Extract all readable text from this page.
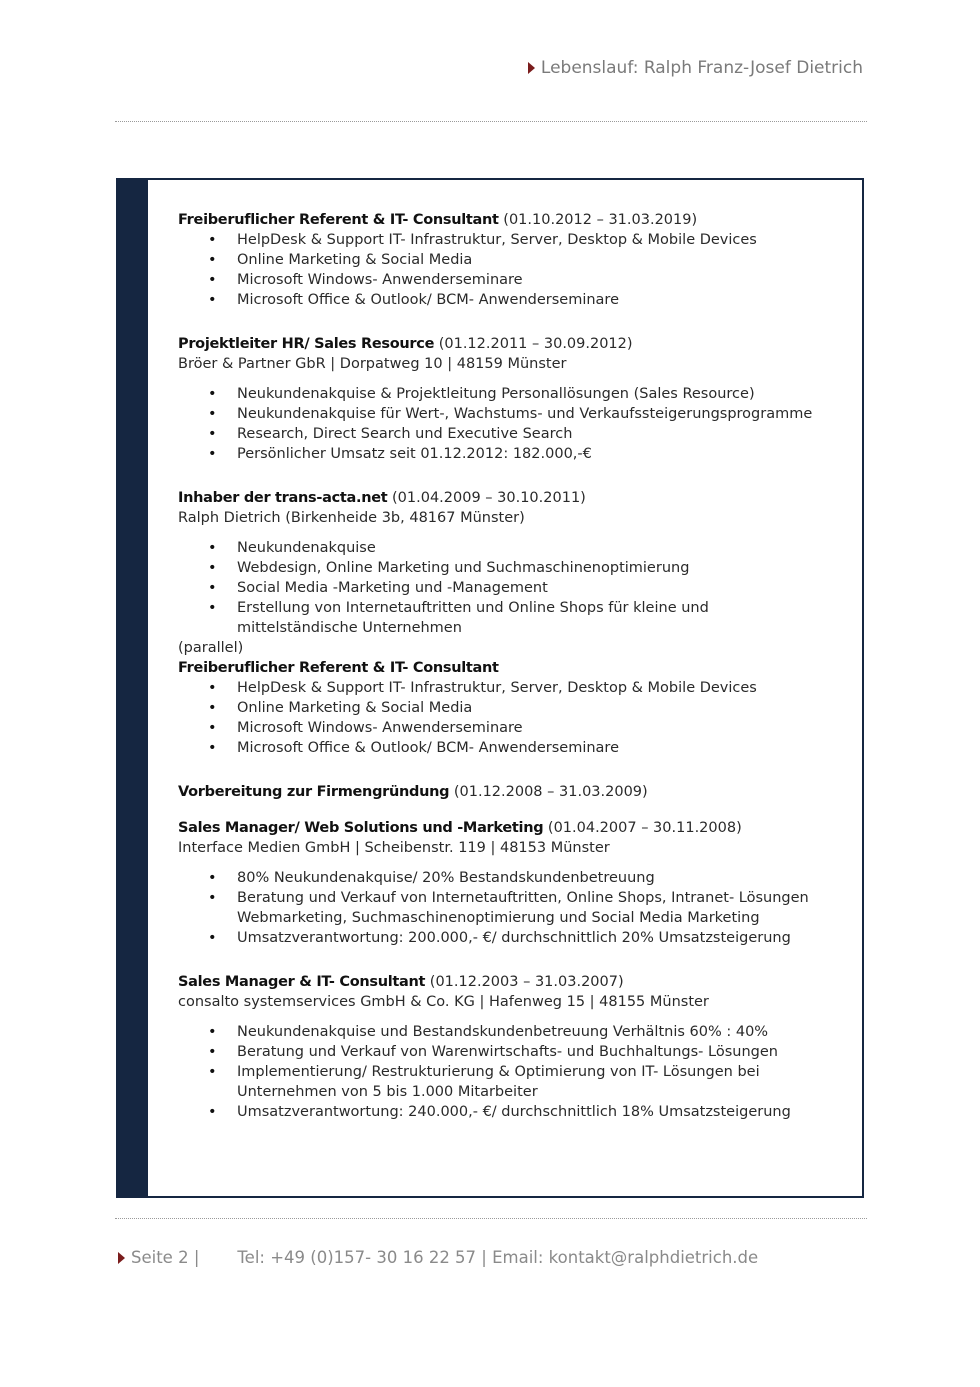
Lebenslauf: Ralph Franz-Josef Dietrich
Freiberuflicher Referent & IT- Consultant (01.10.2012 – 31.03.2019)
• HelpDesk & Support IT- Infrastruktur, Server, Desktop & Mobile Devices
• Online Marketing & Social Media
• Microsoft Windows- Anwenderseminare
• Microsoft Office & Outlook/ BCM- Anwenderseminare
Projektleiter HR/ Sales Resource (01.12.2011 – 30.09.2012)
Bröer & Partner GbR | Dorpatweg 10 | 48159 Münster
• Neukundenakquise & Projektleitung Personallösungen (Sales Resource)
• Neukundenakquise für Wert-, Wachstums- und Verkaufssteigerungsprogramme
• Research, Direct Search und Executive Search
• Persönlicher Umsatz seit 01.12.2012: 182.000,-€
Inhaber der trans-acta.net (01.04.2009 – 30.10.2011)
Ralph Dietrich (Birkenheide 3b, 48167 Münster)
• Neukundenakquise
• Webdesign, Online Marketing und Suchmaschinenoptimierung
• Social Media -Marketing und -Management
• Erstellung von Internetauftritten und Online Shops für kleine und mittelständische Unternehmen
(parallel)
Freiberuflicher Referent & IT- Consultant
• HelpDesk & Support IT- Infrastruktur, Server, Desktop & Mobile Devices
• Online Marketing & Social Media
• Microsoft Windows- Anwenderseminare
• Microsoft Office & Outlook/ BCM- Anwenderseminare
Vorbereitung zur Firmengründung (01.12.2008 – 31.03.2009)
Sales Manager/ Web Solutions und -Marketing (01.04.2007 – 30.11.2008)
Interface Medien GmbH | Scheibenstr. 119 | 48153 Münster
• 80% Neukundenakquise/ 20% Bestandskundenbetreuung
• Beratung und Verkauf von Internetauftritten, Online Shops, Intranet- Lösungen Webmarketing, Suchmaschinenoptimierung und Social Media Marketing
• Umsatzverantwortung: 200.000,- €/ durchschnittlich 20% Umsatzsteigerung
Sales Manager & IT- Consultant (01.12.2003 – 31.03.2007)
consalto systemservices GmbH & Co. KG | Hafenweg 15 | 48155 Münster
• Neukundenakquise und Bestandskundenbetreuung Verhältnis 60% : 40%
• Beratung und Verkauf von Warenwirtschafts- und Buchhaltungs- Lösungen
• Implementierung/ Restrukturierung & Optimierung von IT- Lösungen bei Unternehmen von 5 bis 1.000 Mitarbeiter
• Umsatzverantwortung: 240.000,- €/ durchschnittlich 18% Umsatzsteigerung
Seite 2 | Tel: +49 (0)157- 30 16 22 57 | Email: kontakt@ralphdietrich.de
